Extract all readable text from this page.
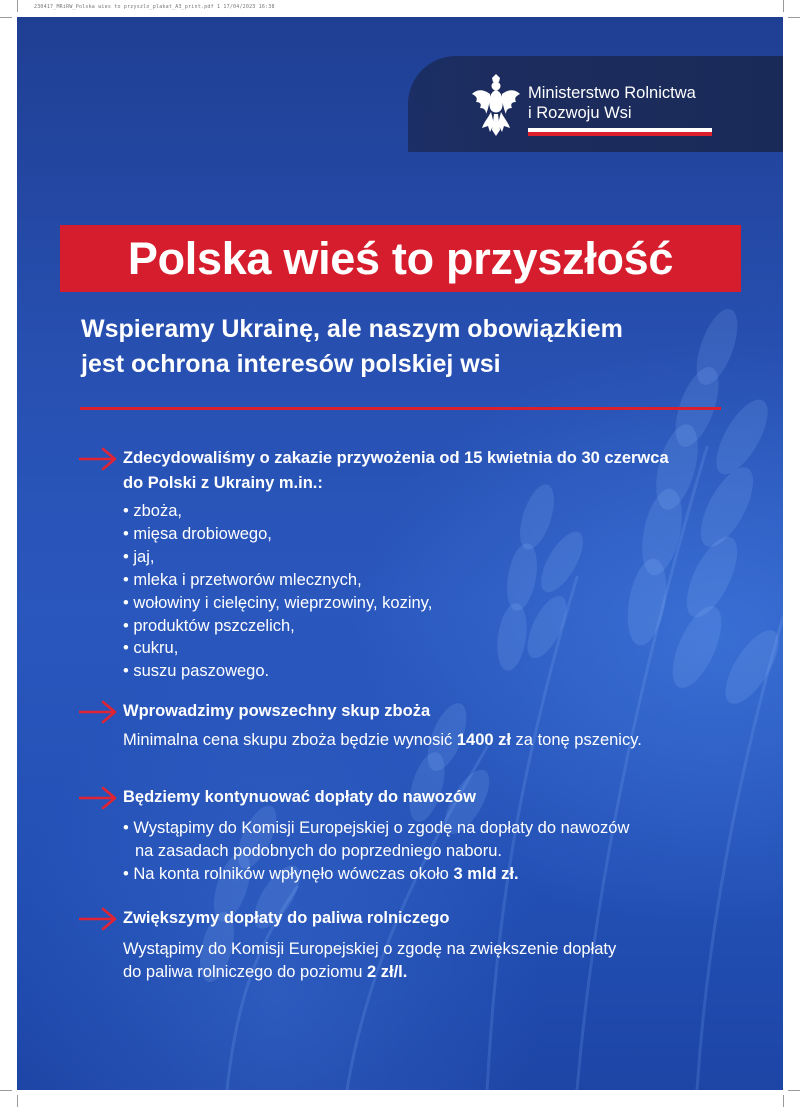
230417_MRiRW_Polska wies to przyszlo_plakat_A3_print.pdf 1 17/04/2023 16:38
Ministerstwo Rolnictwa
i Rozwoju Wsi
Polska wieś to przyszłość
Wspieramy Ukrainę, ale naszym obowiązkiem
jest ochrona interesów polskiej wsi
Zdecydowaliśmy o zakazie przywożenia od 15 kwietnia do 30 czerwca
do Polski z Ukrainy m.in.:
• zboża,
• mięsa drobiowego,
• jaj,
• mleka i przetworów mlecznych,
• wołowiny i cielęciny, wieprzowiny, koziny,
• produktów pszczelich,
• cukru,
• suszu paszowego.
Wprowadzimy powszechny skup zboża
Minimalna cena skupu zboża będzie wynosić 1400 zł za tonę pszenicy.
Będziemy kontynuować dopłaty do nawozów
• Wystąpimy do Komisji Europejskiej o zgodę na dopłaty do nawozów
na zasadach podobnych do poprzedniego naboru.
• Na konta rolników wpłynęło wówczas około 3 mld zł.
Zwiększymy dopłaty do paliwa rolniczego
Wystąpimy do Komisji Europejskiej o zgodę na zwiększenie dopłaty
do paliwa rolniczego do poziomu 2 zł/l.
